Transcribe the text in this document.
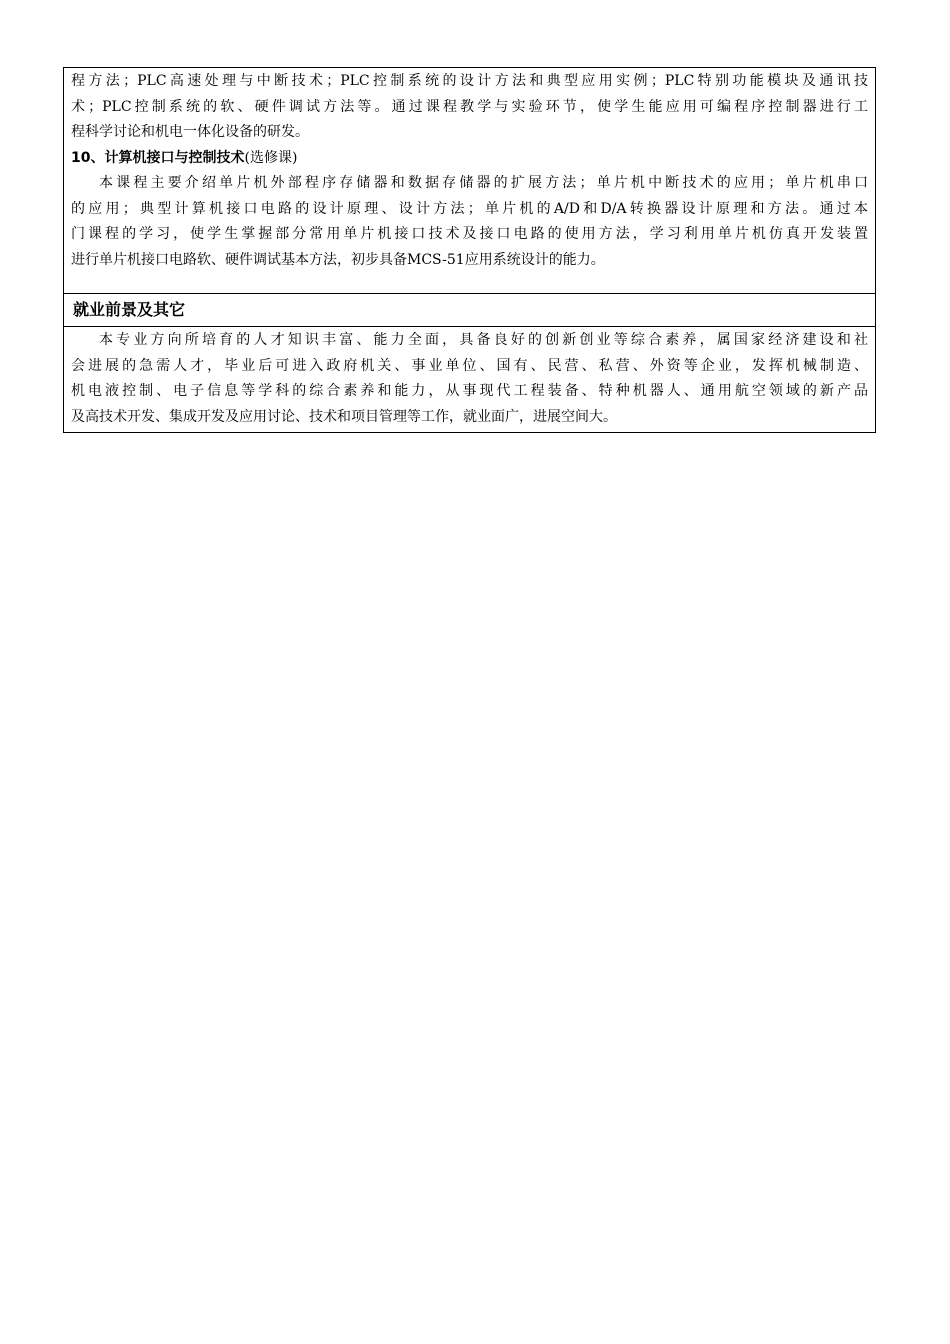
程方法；PLC高速处理与中断技术；PLC控制系统的设计方法和典型应用实例；PLC特别功能模块及通讯技
术；PLC控制系统的软、硬件调试方法等。通过课程教学与实验环节，使学生能应用可编程序控制器进行工
程科学讨论和机电一体化设备的研发。
10、计算机接口与控制技术(选修课)
本课程主要介绍单片机外部程序存储器和数据存储器的扩展方法；单片机中断技术的应用；单片机串口
的应用；典型计算机接口电路的设计原理、设计方法；单片机的A/D和D/A转换器设计原理和方法。通过本
门课程的学习，使学生掌握部分常用单片机接口技术及接口电路的使用方法，学习利用单片机仿真开发装置
进行单片机接口电路软、硬件调试基本方法，初步具备MCS-51应用系统设计的能力。
就业前景及其它
本专业方向所培育的人才知识丰富、能力全面，具备良好的创新创业等综合素养，属国家经济建设和社
会进展的急需人才，毕业后可进入政府机关、事业单位、国有、民营、私营、外资等企业，发挥机械制造、
机电液控制、电子信息等学科的综合素养和能力，从事现代工程装备、特种机器人、通用航空领域的新产品
及高技术开发、集成开发及应用讨论、技术和项目管理等工作，就业面广，进展空间大。
